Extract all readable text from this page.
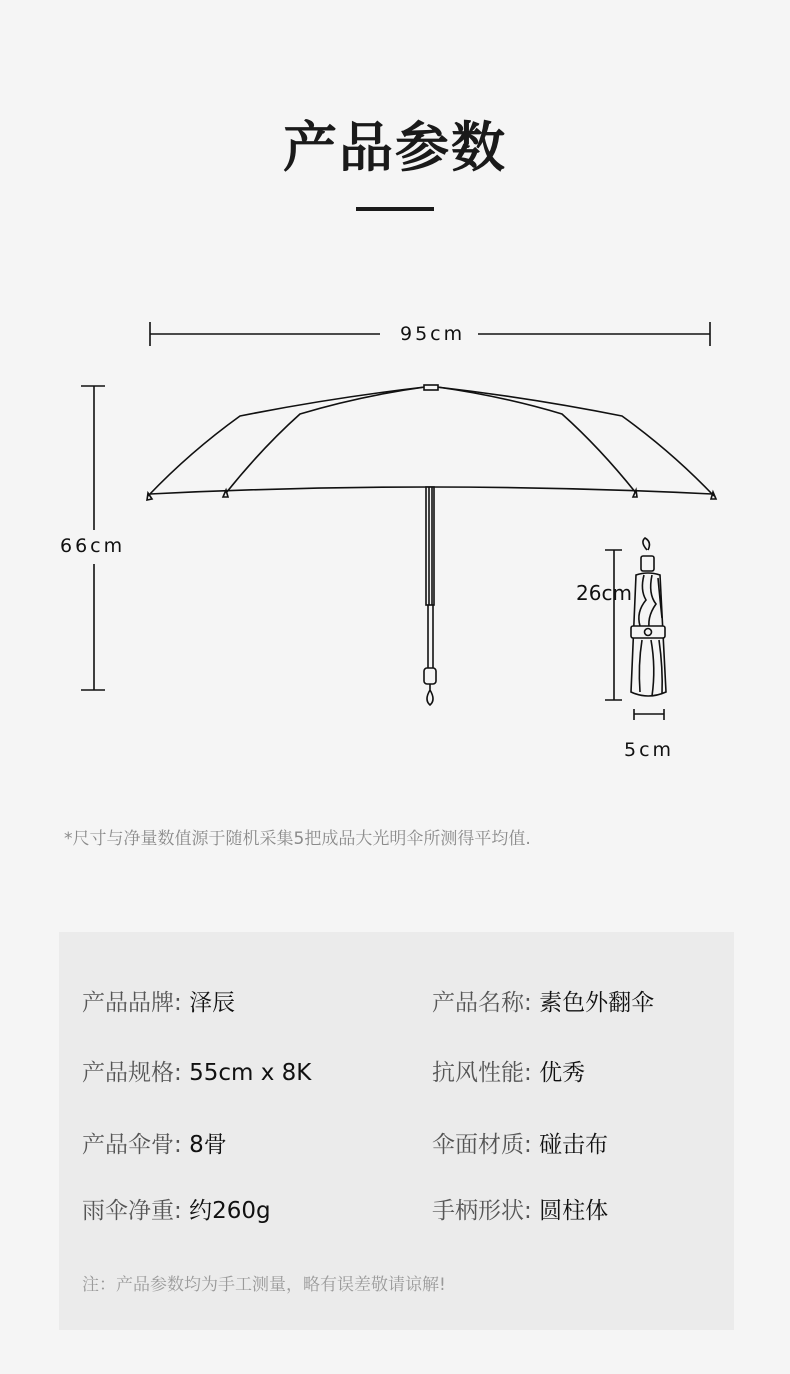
产品参数
95cm
66cm
26cm
5cm
*尺寸与净量数值源于随机采集5把成品大光明伞所测得平均值.
产品品牌: 泽辰	产品名称: 素色外翻伞
产品规格: 55cm x 8K	抗风性能: 优秀
产品伞骨: 8骨	伞面材质: 碰击布
雨伞净重: 约260g	手柄形状: 圆柱体
注：产品参数均为手工测量，略有误差敬请谅解!
